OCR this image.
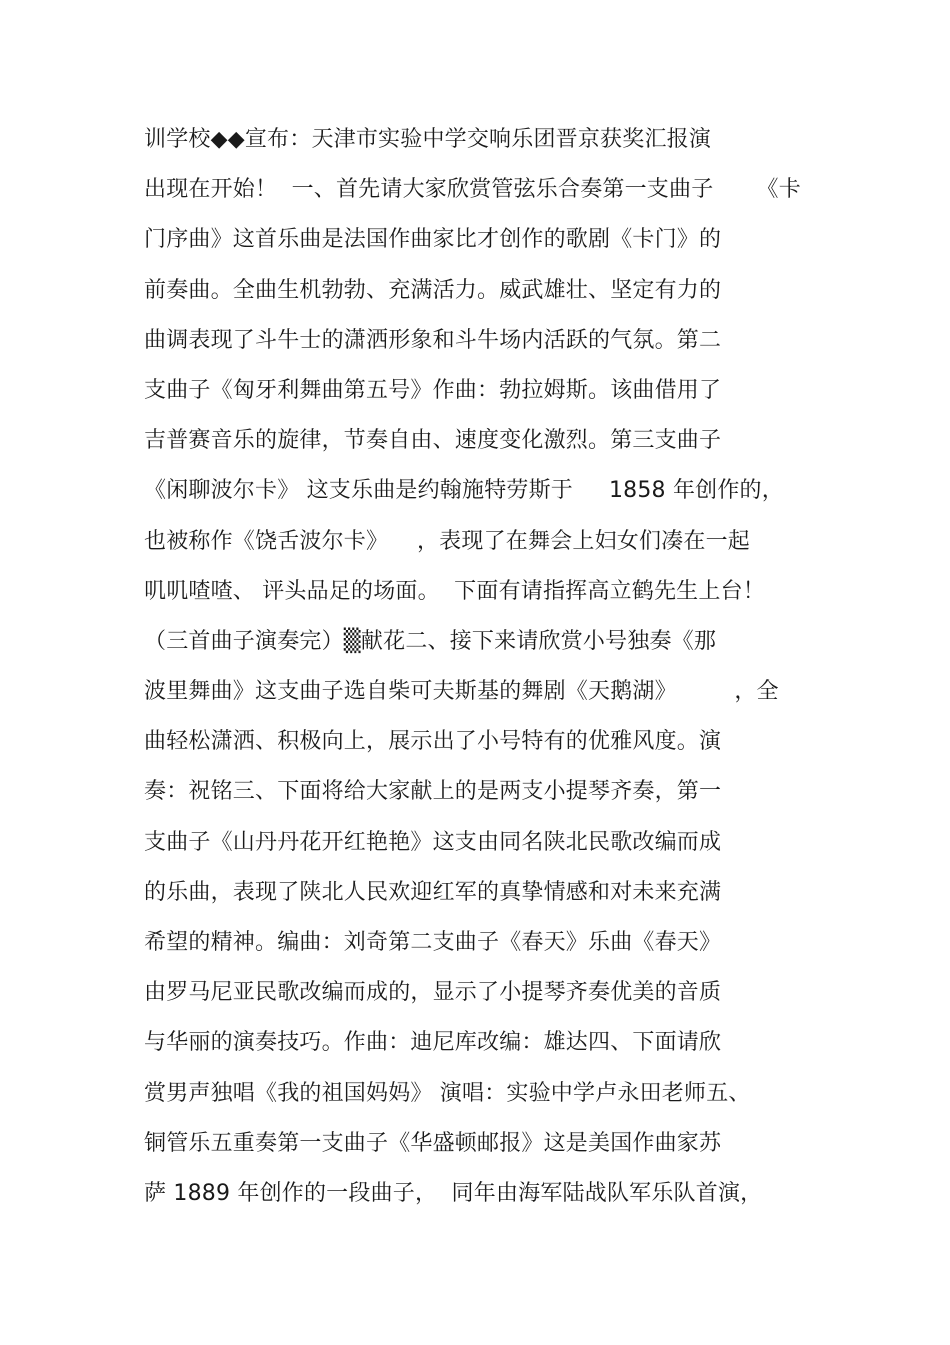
训学校◆◆宣布：天津市实验中学交响乐团晋京获奖汇报演
出现在开始！  一、首先请大家欣赏管弦乐合奏第一支曲子      《卡
门序曲》这首乐曲是法国作曲家比才创作的歌剧《卡门》的
前奏曲。全曲生机勃勃、充满活力。威武雄壮、坚定有力的
曲调表现了斗牛士的潇洒形象和斗牛场内活跃的气氛。第二
支曲子《匈牙利舞曲第五号》作曲：勃拉姆斯。该曲借用了
吉普赛音乐的旋律，节奏自由、速度变化激烈。第三支曲子
《闲聊波尔卡》 这支乐曲是约翰施特劳斯于     1858 年创作的，
也被称作《饶舌波尔卡》    ，表现了在舞会上妇女们凑在一起
叽叽喳喳、 评头品足的场面。  下面有请指挥高立鹤先生上台！
（三首曲子演奏完）▒献花二、接下来请欣赏小号独奏《那
波里舞曲》这支曲子选自柴可夫斯基的舞剧《天鹅湖》        ，全
曲轻松潇洒、积极向上，展示出了小号特有的优雅风度。演
奏：祝铭三、下面将给大家献上的是两支小提琴齐奏，第一
支曲子《山丹丹花开红艳艳》这支由同名陕北民歌改编而成
的乐曲，表现了陕北人民欢迎红军的真挚情感和对未来充满
希望的精神。编曲：刘奇第二支曲子《春天》乐曲《春天》
由罗马尼亚民歌改编而成的，显示了小提琴齐奏优美的音质
与华丽的演奏技巧。作曲：迪尼库改编：雄达四、下面请欣
赏男声独唱《我的祖国妈妈》 演唱：实验中学卢永田老师五、
铜管乐五重奏第一支曲子《华盛顿邮报》这是美国作曲家苏
萨 1889 年创作的一段曲子，  同年由海军陆战队军乐队首演，
